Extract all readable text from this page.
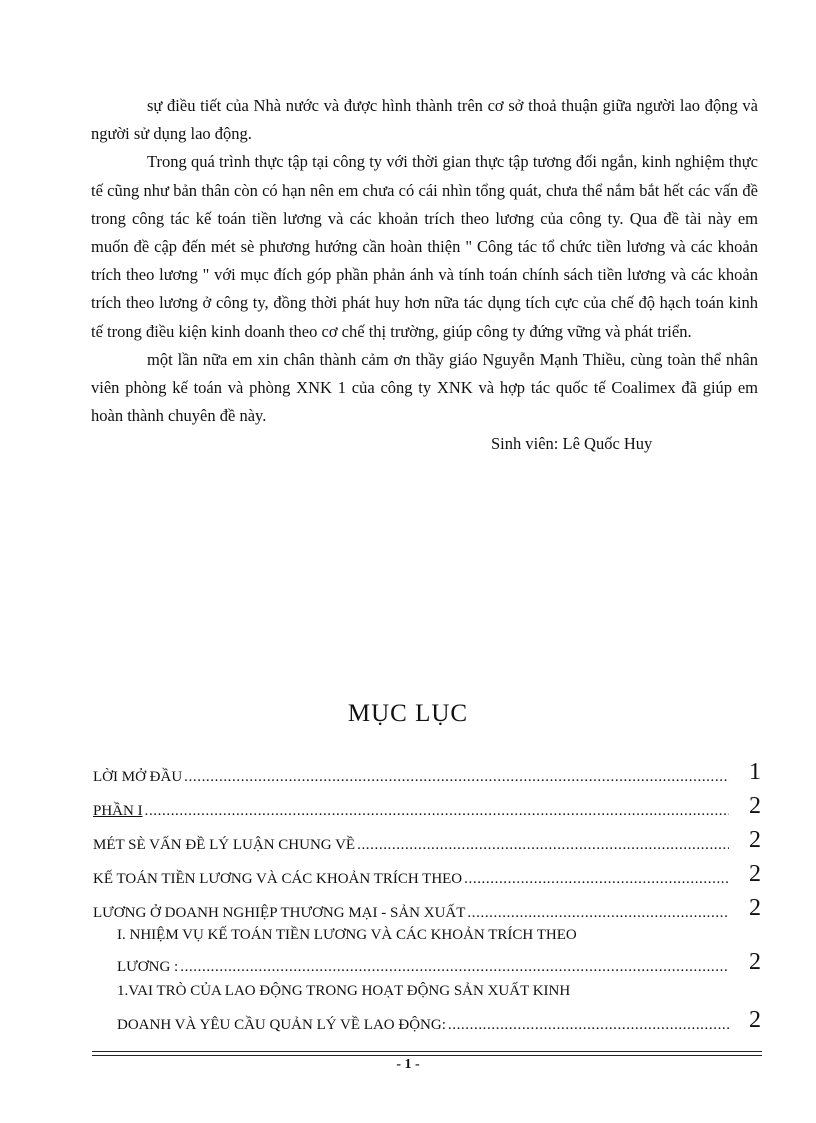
sự điều tiết của Nhà nước và được hình thành trên cơ sở thoả thuận giữa người lao động và người sử dụng lao động.

Trong quá trình thực tập tại công ty với thời gian thực tập tương đối ngắn, kinh nghiệm thực tế cũng như bản thân còn có hạn nên em chưa có cái nhìn tổng quát, chưa thể nắm bắt hết các vấn đề trong công tác kế toán tiền lương và các khoản trích theo lương của công ty. Qua đề tài này em muốn đề cập đến mét sè phương hướng cần hoàn thiện " Công tác tổ chức tiền lương và các khoản trích theo lương " với mục đích góp phần phản ánh và tính toán chính sách tiền lương và các khoản trích theo lương ở công ty, đồng thời phát huy hơn nữa tác dụng tích cực của chế độ hạch toán kinh tế trong điều kiện kinh doanh theo cơ chế thị trường, giúp công ty đứng vững và phát triển.

một lần nữa em xin chân thành cảm ơn thầy giáo Nguyễn Mạnh Thiều, cùng toàn thể nhân viên phòng kế toán và phòng XNK 1 của công ty XNK và hợp tác quốc tế Coalimex đã giúp em hoàn thành chuyên đề này.

Sinh viên: Lê Quốc Huy

MỤC LỤC
LỜI MỞ ĐẦU .....	1
PHẦN I .....	2
MÉT SÈ VẤN ĐỀ LÝ LUẬN CHUNG VỀ .....	2
KẾ TOÁN TIỀN LƯƠNG VÀ CÁC KHOẢN TRÍCH THEO .....	2
LƯƠNG Ở DOANH NGHIỆP THƯƠNG MẠI - SẢN XUẤT .....	2
I. NHIỆM VỤ KẾ TOÁN TIỀN LƯƠNG VÀ CÁC KHOẢN TRÍCH THEO
LƯƠNG : .....	2
1.VAI TRÒ CỦA LAO ĐỘNG TRONG HOẠT ĐỘNG SẢN XUẤT KINH
DOANH VÀ YÊU CẦU QUẢN LÝ VỀ LAO ĐỘNG: .....	2
- 1 -
